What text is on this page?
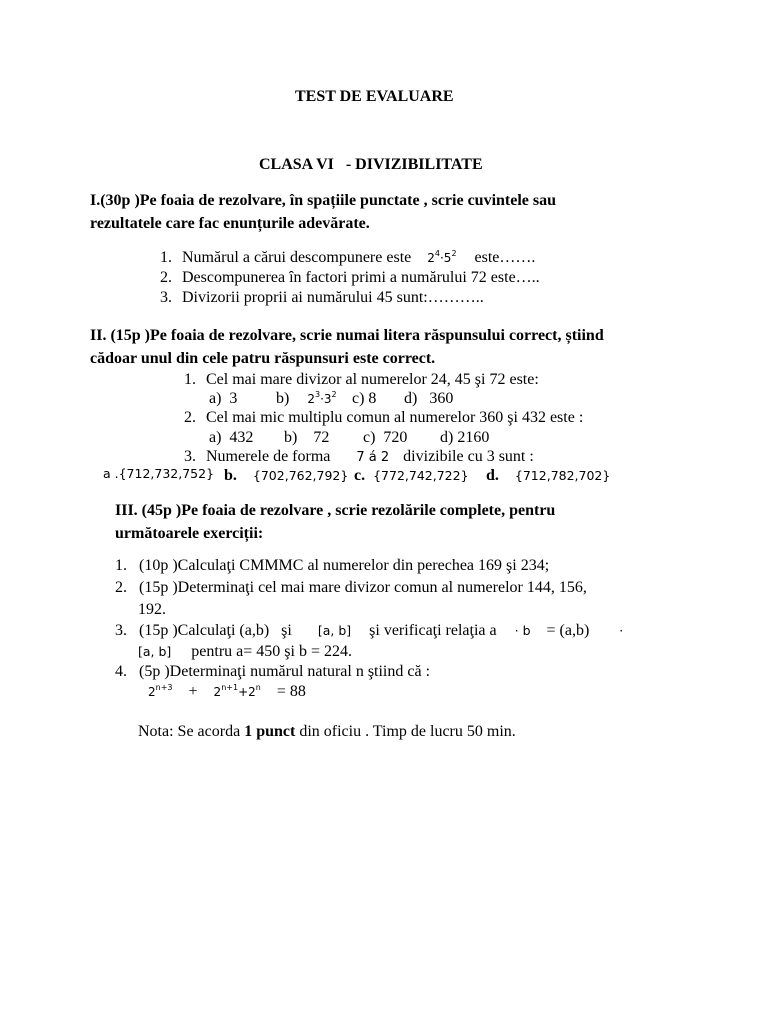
TEST DE EVALUARE
CLASA VI   - DIVIZIBILITATE
I.(30p )Pe foaia de rezolvare, în spațiile punctate , scrie cuvintele sau
rezultatele care fac enunțurile adevărate.
1. Numărul a cărui descompunere este $2^4\cdot 5^2$ este…….
2. Descompunerea în factori primi a numărului 72 este…..
3. Divizorii proprii ai numărului 45 sunt:………..
II. (15p )Pe foaia de rezolvare, scrie numai litera răspunsului correct, știind
cădoar unul din cele patru răspunsuri este correct.
1. Cel mai mare divizor al numerelor 24, 45 şi 72 este:
a)  3 b) $2^3\cdot 3^2$ c) 8 d)   360
2. Cel mai mic multiplu comun al numerelor 360 şi 432 este :
a)  432 b)    72 c)  720 d) 2160
3. Numerele de forma 7 á 2 divizibile cu 3 sunt :
a .{712,732,752} b. {702,762,792} c. {772,742,722} d. {712,782,702}
III. (45p )Pe foaia de rezolvare , scrie rezolările complete, pentru
următoarele exerciții:
1. (10p )Calculaţi CMMMC al numerelor din perechea 169 şi 234;
2. (15p )Determinaţi cel mai mare divizor comun al numerelor 144, 156,
192.
3. (15p )Calculaţi (a,b)   şi [a, b] şi verificaţi relaţia a · b = (a,b) ·
[a, b] pentru a= 450 şi b = 224.
4. (5p )Determinaţi numărul natural n ştiind că :
$2^{n+3} + 2^{n+1}+2^n = 88$
Nota: Se acorda 1 punct din oficiu . Timp de lucru 50 min.
